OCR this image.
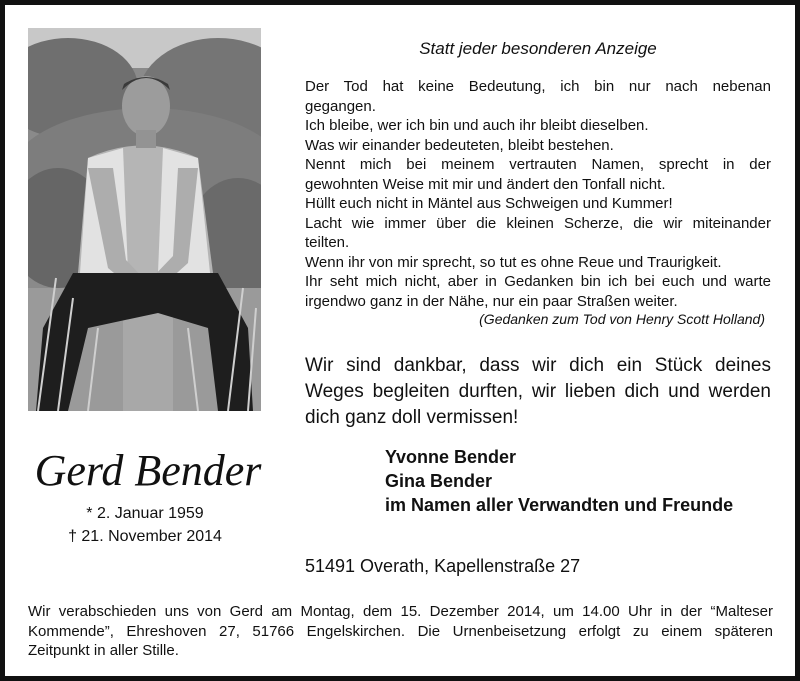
Gerd Bender
* 2. Januar 1959
† 21. November 2014
Statt jeder besonderen Anzeige
Der Tod hat keine Bedeutung, ich bin nur nach nebenan
gegangen.
Ich bleibe, wer ich bin und auch ihr bleibt dieselben.
Was wir einander bedeuteten, bleibt bestehen.
Nennt mich bei meinem vertrauten Namen, sprecht in der
gewohnten Weise mit mir und ändert den Tonfall nicht.
Hüllt euch nicht in Mäntel aus Schweigen und Kummer!
Lacht wie immer über die kleinen Scherze, die wir miteinander
teilten.
Wenn ihr von mir sprecht, so tut es ohne Reue und Traurigkeit.
Ihr seht mich nicht, aber in Gedanken bin ich bei euch und warte
irgendwo ganz in der Nähe, nur ein paar Straßen weiter.
(Gedanken zum Tod von Henry Scott Holland)
Wir sind dankbar, dass wir dich ein Stück deines
Weges begleiten durften, wir lieben dich und werden
dich ganz doll vermissen!
Yvonne Bender
Gina Bender
im Namen aller Verwandten und Freunde
51491 Overath, Kapellenstraße 27
Wir verabschieden uns von Gerd am Montag, dem 15. Dezember 2014, um 14.00 Uhr in der “Malteser
Kommende”, Ehreshoven 27, 51766 Engelskirchen. Die Urnenbeisetzung erfolgt zu einem späteren
Zeitpunkt in aller Stille.
